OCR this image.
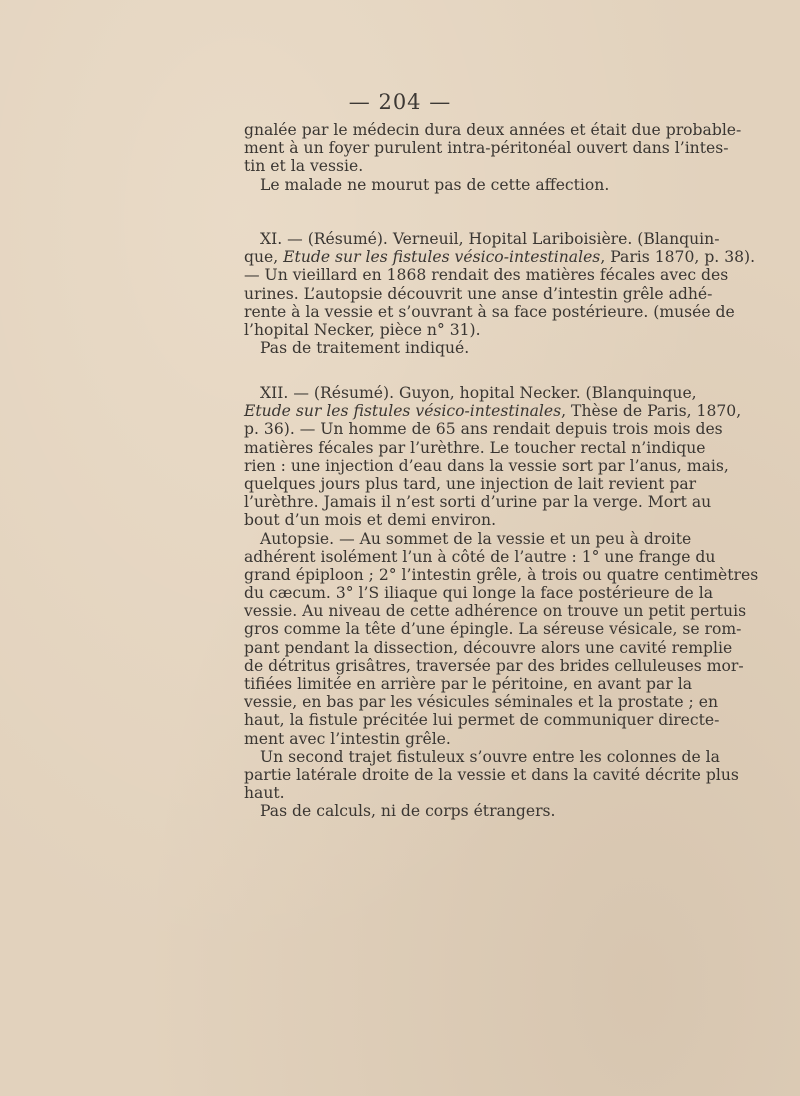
— 204 —
gnalée par le médecin dura deux années et était due probable-
ment à un foyer purulent intra-péritonéal ouvert dans l’intes-
tin et la vessie.
Le malade ne mourut pas de cette affection.
XI. — (Résumé). Verneuil, Hopital Lariboisière. (Blanquin-
que, Etude sur les fistules vésico-intestinales, Paris 1870, p. 38).
— Un vieillard en 1868 rendait des matières fécales avec des
urines. L’autopsie découvrit une anse d’intestin grêle adhé-
rente à la vessie et s’ouvrant à sa face postérieure. (musée de
l’hopital Necker, pièce n° 31).
Pas de traitement indiqué.
XII. — (Résumé). Guyon, hopital Necker. (Blanquinque,
Etude sur les fistules vésico-intestinales, Thèse de Paris, 1870,
p. 36). — Un homme de 65 ans rendait depuis trois mois des
matières fécales par l’urèthre. Le toucher rectal n’indique
rien : une injection d’eau dans la vessie sort par l’anus, mais,
quelques jours plus tard, une injection de lait revient par
l’urèthre. Jamais il n’est sorti d’urine par la verge. Mort au
bout d’un mois et demi environ.
Autopsie. — Au sommet de la vessie et un peu à droite
adhérent isolément l’un à côté de l’autre : 1° une frange du
grand épiploon ; 2° l’intestin grêle, à trois ou quatre centimètres
du cæcum. 3° l’S iliaque qui longe la face postérieure de la
vessie. Au niveau de cette adhérence on trouve un petit pertuis
gros comme la tête d’une épingle. La séreuse vésicale, se rom-
pant pendant la dissection, découvre alors une cavité remplie
de détritus grisâtres, traversée par des brides celluleuses mor-
tifiées limitée en arrière par le péritoine, en avant par la
vessie, en bas par les vésicules séminales et la prostate ; en
haut, la fistule précitée lui permet de communiquer directe-
ment avec l’intestin grêle.
Un second trajet fistuleux s’ouvre entre les colonnes de la
partie latérale droite de la vessie et dans la cavité décrite plus
haut.
Pas de calculs, ni de corps étrangers.
